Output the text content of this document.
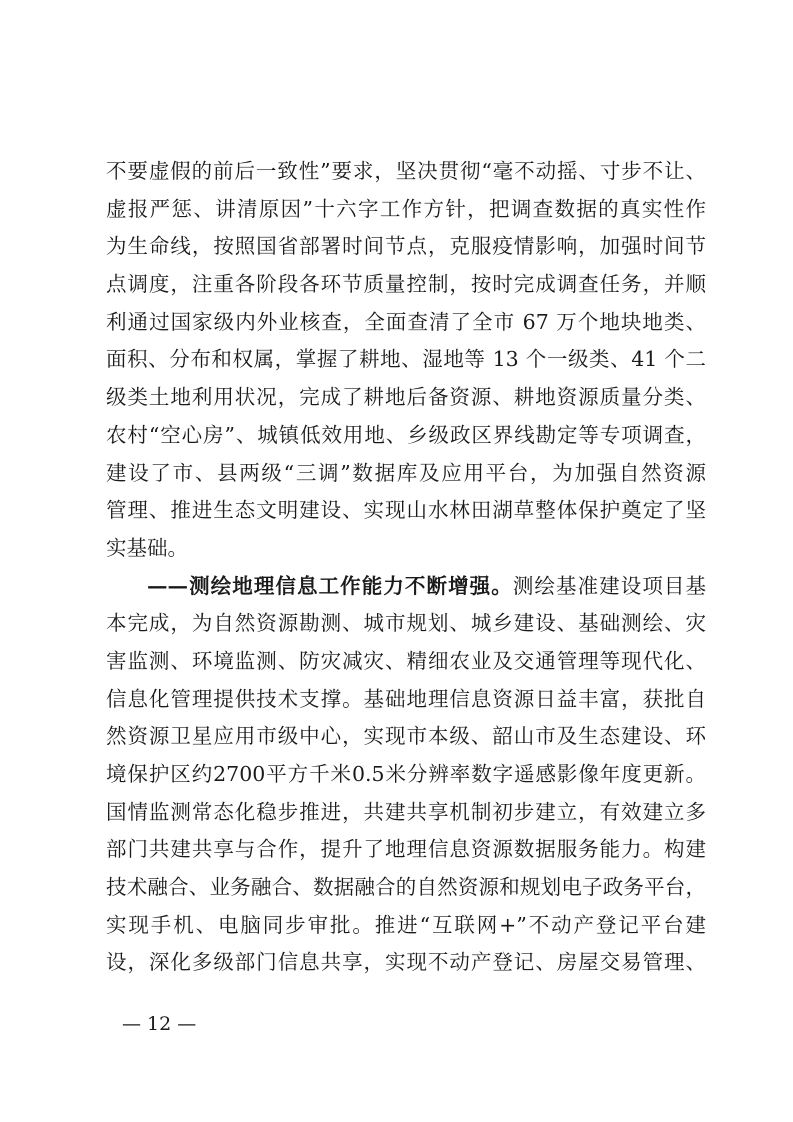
不要虚假的前后一致性”要求，坚决贯彻“毫不动摇、寸步不让、
虚报严惩、讲清原因”十六字工作方针，把调查数据的真实性作
为生命线，按照国省部署时间节点，克服疫情影响，加强时间节
点调度，注重各阶段各环节质量控制，按时完成调查任务，并顺
利通过国家级内外业核查，全面查清了全市 67 万个地块地类、
面积、分布和权属，掌握了耕地、湿地等 13 个一级类、41 个二
级类土地利用状况，完成了耕地后备资源、耕地资源质量分类、
农村“空心房”、城镇低效用地、乡级政区界线勘定等专项调查，
建设了市、县两级“三调”数据库及应用平台，为加强自然资源
管理、推进生态文明建设、实现山水林田湖草整体保护奠定了坚
实基础。
——测绘地理信息工作能力不断增强。测绘基准建设项目基
本完成，为自然资源勘测、城市规划、城乡建设、基础测绘、灾
害监测、环境监测、防灾减灾、精细农业及交通管理等现代化、
信息化管理提供技术支撑。基础地理信息资源日益丰富，获批自
然资源卫星应用市级中心，实现市本级、韶山市及生态建设、环
境保护区约2700平方千米0.5米分辨率数字遥感影像年度更新。
国情监测常态化稳步推进，共建共享机制初步建立，有效建立多
部门共建共享与合作，提升了地理信息资源数据服务能力。构建
技术融合、业务融合、数据融合的自然资源和规划电子政务平台，
实现手机、电脑同步审批。推进“互联网+”不动产登记平台建
设，深化多级部门信息共享，实现不动产登记、房屋交易管理、
— 12 —
